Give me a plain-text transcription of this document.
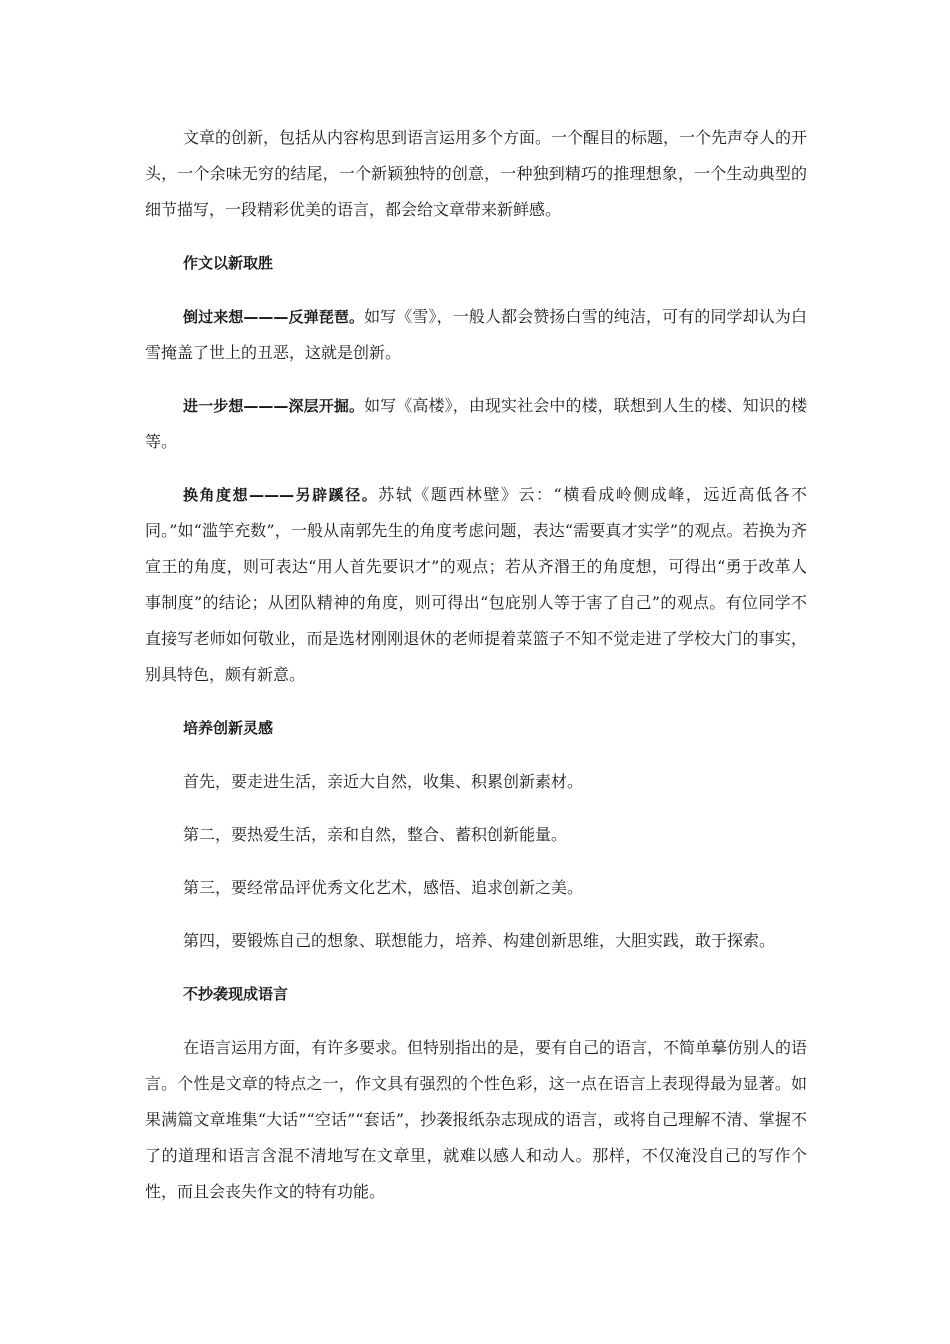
文章的创新，包括从内容构思到语言运用多个方面。一个醒目的标题，一个先声夺人的开头，一个余味无穷的结尾，一个新颖独特的创意，一种独到精巧的推理想象，一个生动典型的细节描写，一段精彩优美的语言，都会给文章带来新鲜感。

作文以新取胜

倒过来想———反弹琵琶。如写《雪》，一般人都会赞扬白雪的纯洁，可有的同学却认为白雪掩盖了世上的丑恶，这就是创新。

进一步想———深层开掘。如写《高楼》，由现实社会中的楼，联想到人生的楼、知识的楼等。

换角度想———另辟蹊径。苏轼《题西林壁》云：“横看成岭侧成峰，远近高低各不同。”如“滥竽充数”，一般从南郭先生的角度考虑问题，表达“需要真才实学”的观点。若换为齐宣王的角度，则可表达“用人首先要识才”的观点；若从齐湣王的角度想，可得出“勇于改革人事制度”的结论；从团队精神的角度，则可得出“包庇别人等于害了自己”的观点。有位同学不直接写老师如何敬业，而是选材刚刚退休的老师提着菜篮子不知不觉走进了学校大门的事实，别具特色，颇有新意。

培养创新灵感

首先，要走进生活，亲近大自然，收集、积累创新素材。

第二，要热爱生活，亲和自然，整合、蓄积创新能量。

第三，要经常品评优秀文化艺术，感悟、追求创新之美。

第四，要锻炼自己的想象、联想能力，培养、构建创新思维，大胆实践，敢于探索。

不抄袭现成语言

在语言运用方面，有许多要求。但特别指出的是，要有自己的语言，不简单摹仿别人的语言。个性是文章的特点之一，作文具有强烈的个性色彩，这一点在语言上表现得最为显著。如果满篇文章堆集“大话”“空话”“套话”，抄袭报纸杂志现成的语言，或将自己理解不清、掌握不了的道理和语言含混不清地写在文章里，就难以感人和动人。那样，不仅淹没自己的写作个性，而且会丧失作文的特有功能。
